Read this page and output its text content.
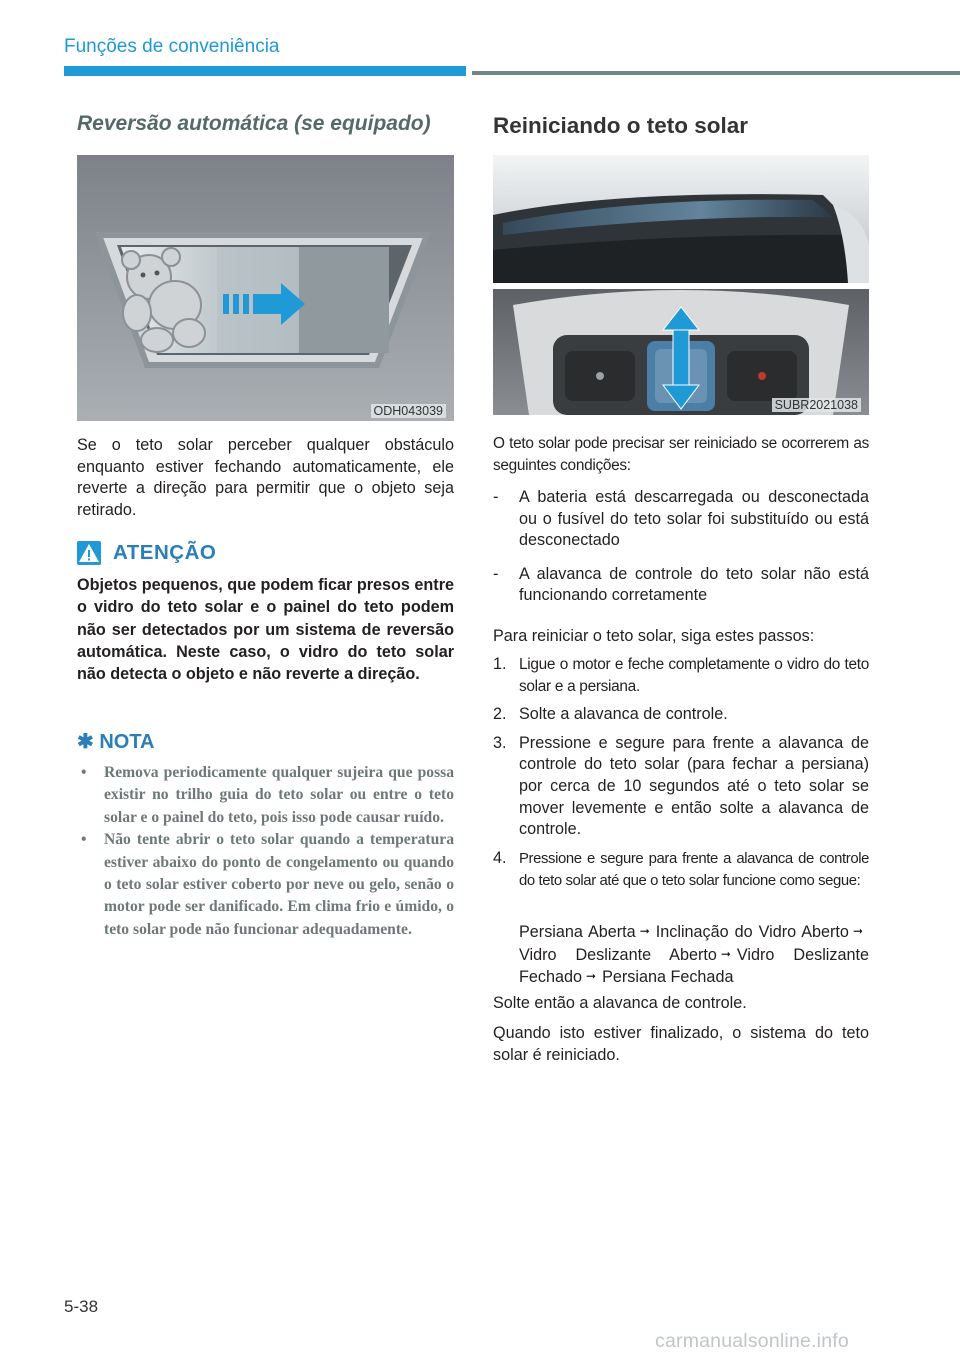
Funções de conveniência
Reversão automática (se equipado)
ODH043039

Se o teto solar perceber qualquer obstáculo enquanto estiver fechando automaticamente, ele reverte a direção para permitir que o objeto seja retirado.

ATENÇÃO
Objetos pequenos, que podem ficar presos entre o vidro do teto solar e o painel do teto podem não ser detectados por um sistema de reversão automática. Neste caso, o vidro do teto solar não detecta o objeto e não reverte a direção.
✱ NOTA
• Remova periodicamente qualquer sujeira que possa existir no trilho guia do teto solar ou entre o teto solar e o painel do teto, pois isso pode causar ruído.
• Não tente abrir o teto solar quando a temperatura estiver abaixo do ponto de congelamento ou quando o teto solar estiver coberto por neve ou gelo, senão o motor pode ser danificado. Em clima frio e úmido, o teto solar pode não funcionar adequadamente.
Reiniciando o teto solar
SUBR2021038

O teto solar pode precisar ser reiniciado se ocorrerem as seguintes condições:

- A bateria está descarregada ou desconectada ou o fusível do teto solar foi substituído ou está desconectado
- A alavanca de controle do teto solar não está funcionando corretamente

Para reiniciar o teto solar, siga estes passos:

1. Ligue o motor e feche completamente o vidro do teto solar e a persiana.
2. Solte a alavanca de controle.
3. Pressione e segure para frente a alavanca de controle do teto solar (para fechar a persiana) por cerca de 10 segundos até o teto solar se mover levemente e então solte a alavanca de controle.
4. Pressione e segure para frente a alavanca de controle do teto solar até que o teto solar funcione como segue:

Persiana Aberta ➞ Inclinação do Vidro Aberto ➞Vidro Deslizante Aberto ➞ Vidro Deslizante Fechado ➞ Persiana Fechada

Solte então a alavanca de controle.

Quando isto estiver finalizado, o sistema do teto solar é reiniciado.

5-38
carmanualsonline.info
